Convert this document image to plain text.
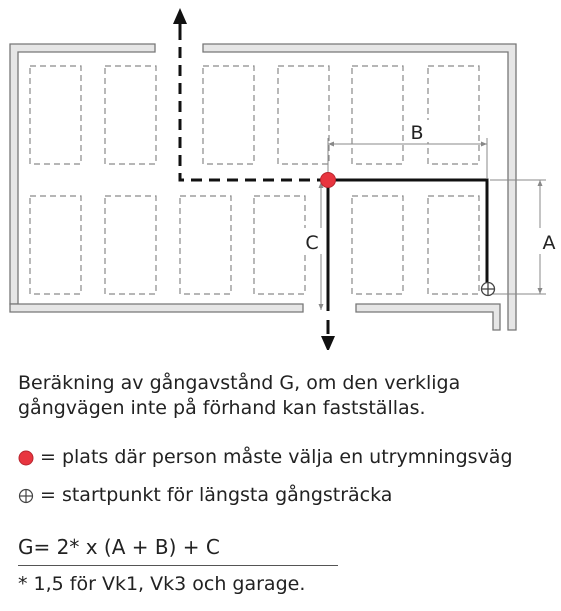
B
A
C
Beräkning av gångavstånd G, om den verkliga
gångvägen inte på förhand kan fastställas.
= plats där person måste välja en utrymningsväg
= startpunkt för längsta gångsträcka
G= 2* x (A + B) + C
* 1,5 för Vk1, Vk3 och garage.
